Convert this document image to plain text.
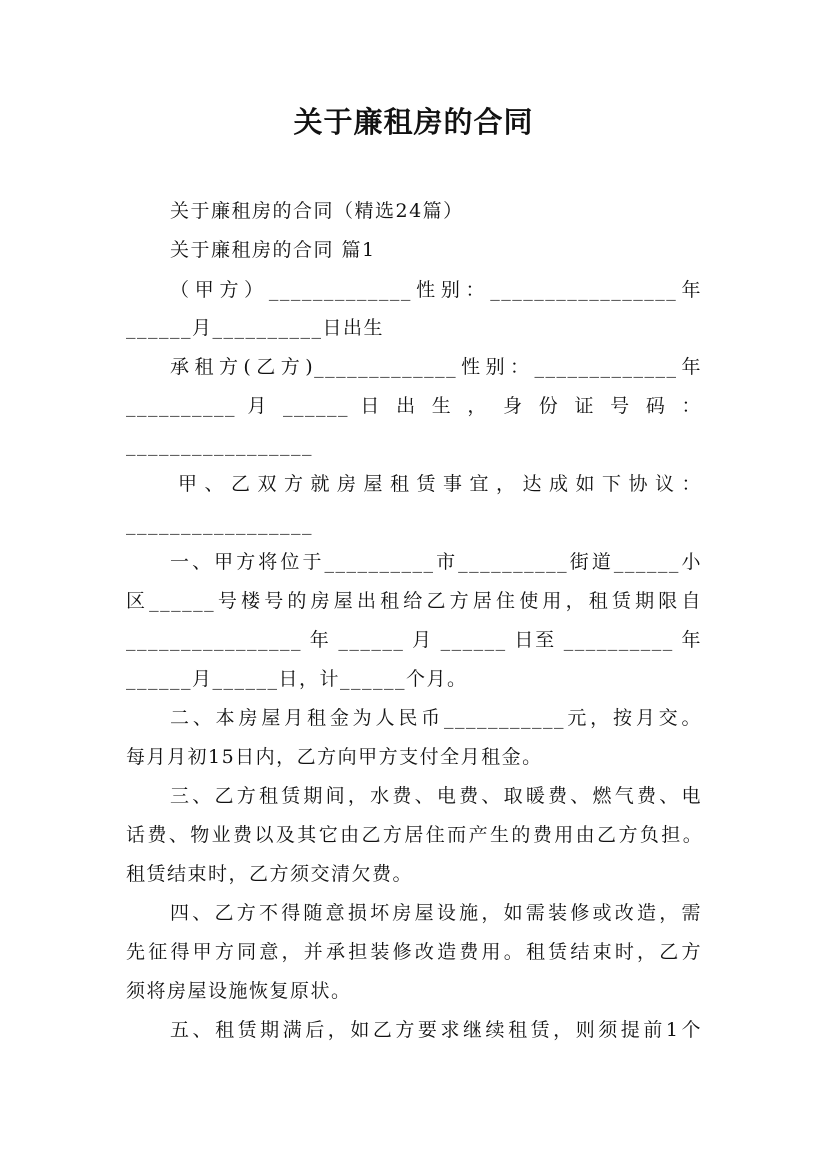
关于廉租房的合同
关于廉租房的合同（精选24篇）
关于廉租房的合同 篇1
（甲方）_____________性别：_________________年
______月__________日出生
承租方(乙方)_____________性别：_____________年
__________ 月 ______ 日 出 生 ， 身 份 证 号 码 ：
_________________
甲、乙双方就房屋租赁事宜，达成如下协议：
_________________
一、甲方将位于__________市__________街道______小
区______号楼号的房屋出租给乙方居住使用，租赁期限自
________________ 年 ______ 月 ______ 日至 __________ 年
______月______日，计______个月。
二、本房屋月租金为人民币___________元，按月交。
每月月初15日内，乙方向甲方支付全月租金。
三、乙方租赁期间，水费、电费、取暖费、燃气费、电
话费、物业费以及其它由乙方居住而产生的费用由乙方负担。
租赁结束时，乙方须交清欠费。
四、乙方不得随意损坏房屋设施，如需装修或改造，需
先征得甲方同意，并承担装修改造费用。租赁结束时，乙方
须将房屋设施恢复原状。
五、租赁期满后，如乙方要求继续租赁，则须提前1个
